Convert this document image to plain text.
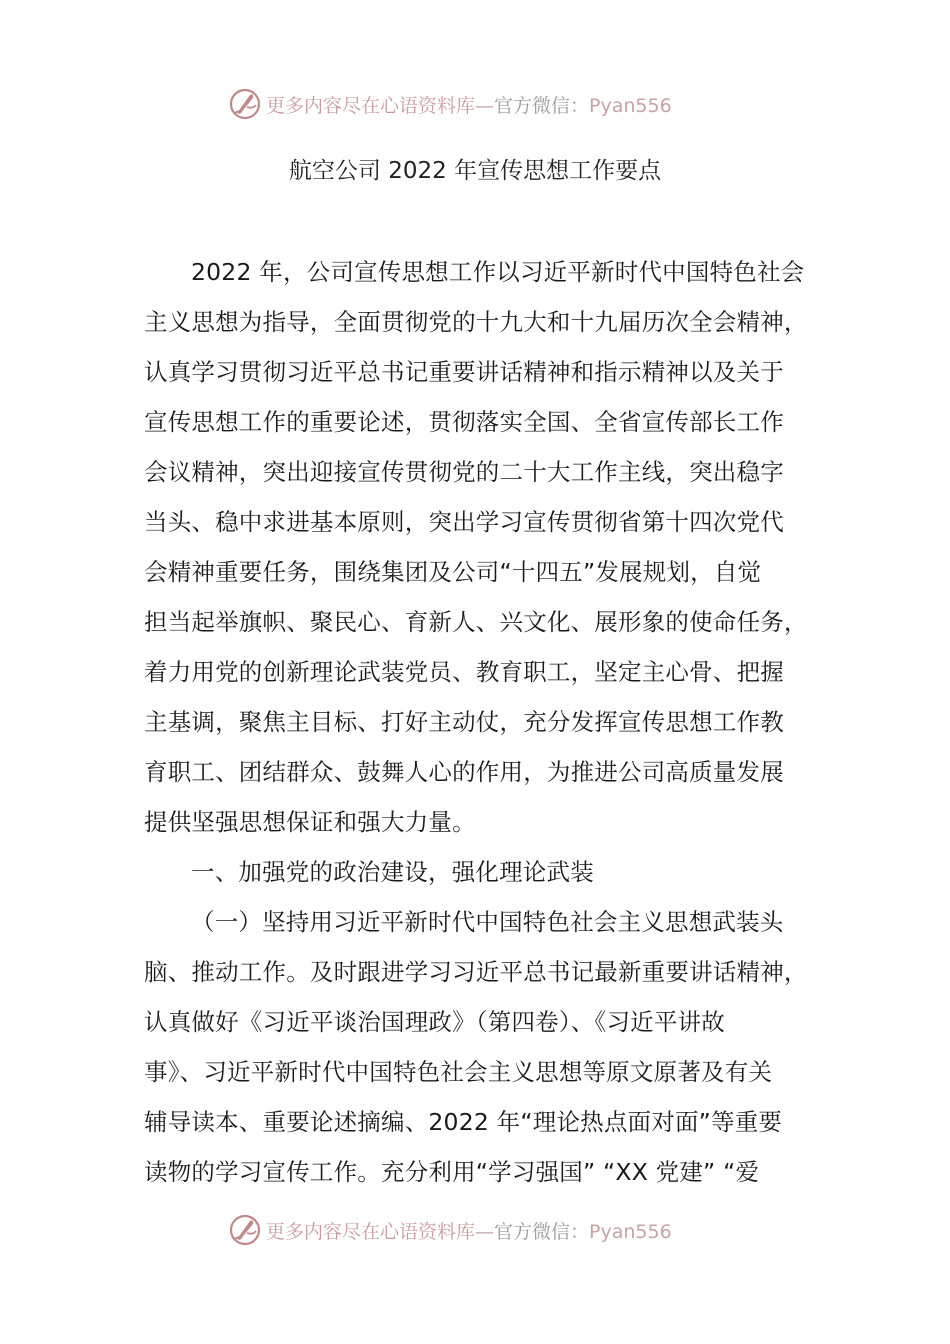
更多内容尽在心语资料库—官方微信：Pyan556
航空公司 2022 年宣传思想工作要点
2022 年，公司宣传思想工作以习近平新时代中国特色社会
主义思想为指导，全面贯彻党的十九大和十九届历次全会精神，
认真学习贯彻习近平总书记重要讲话精神和指示精神以及关于
宣传思想工作的重要论述，贯彻落实全国、全省宣传部长工作
会议精神，突出迎接宣传贯彻党的二十大工作主线，突出稳字
当头、稳中求进基本原则，突出学习宣传贯彻省第十四次党代
会精神重要任务，围绕集团及公司“十四五”发展规划，自觉
担当起举旗帜、聚民心、育新人、兴文化、展形象的使命任务，
着力用党的创新理论武装党员、教育职工，坚定主心骨、把握
主基调，聚焦主目标、打好主动仗，充分发挥宣传思想工作教
育职工、团结群众、鼓舞人心的作用，为推进公司高质量发展
提供坚强思想保证和强大力量。
一、加强党的政治建设，强化理论武装
（一）坚持用习近平新时代中国特色社会主义思想武装头
脑、推动工作。及时跟进学习习近平总书记最新重要讲话精神，
认真做好《习近平谈治国理政》（第四卷）、《习近平讲故
事》、习近平新时代中国特色社会主义思想等原文原著及有关
辅导读本、重要论述摘编、2022 年“理论热点面对面”等重要
读物的学习宣传工作。充分利用“学习强国” “XX 党建” “爱
更多内容尽在心语资料库—官方微信：Pyan556
